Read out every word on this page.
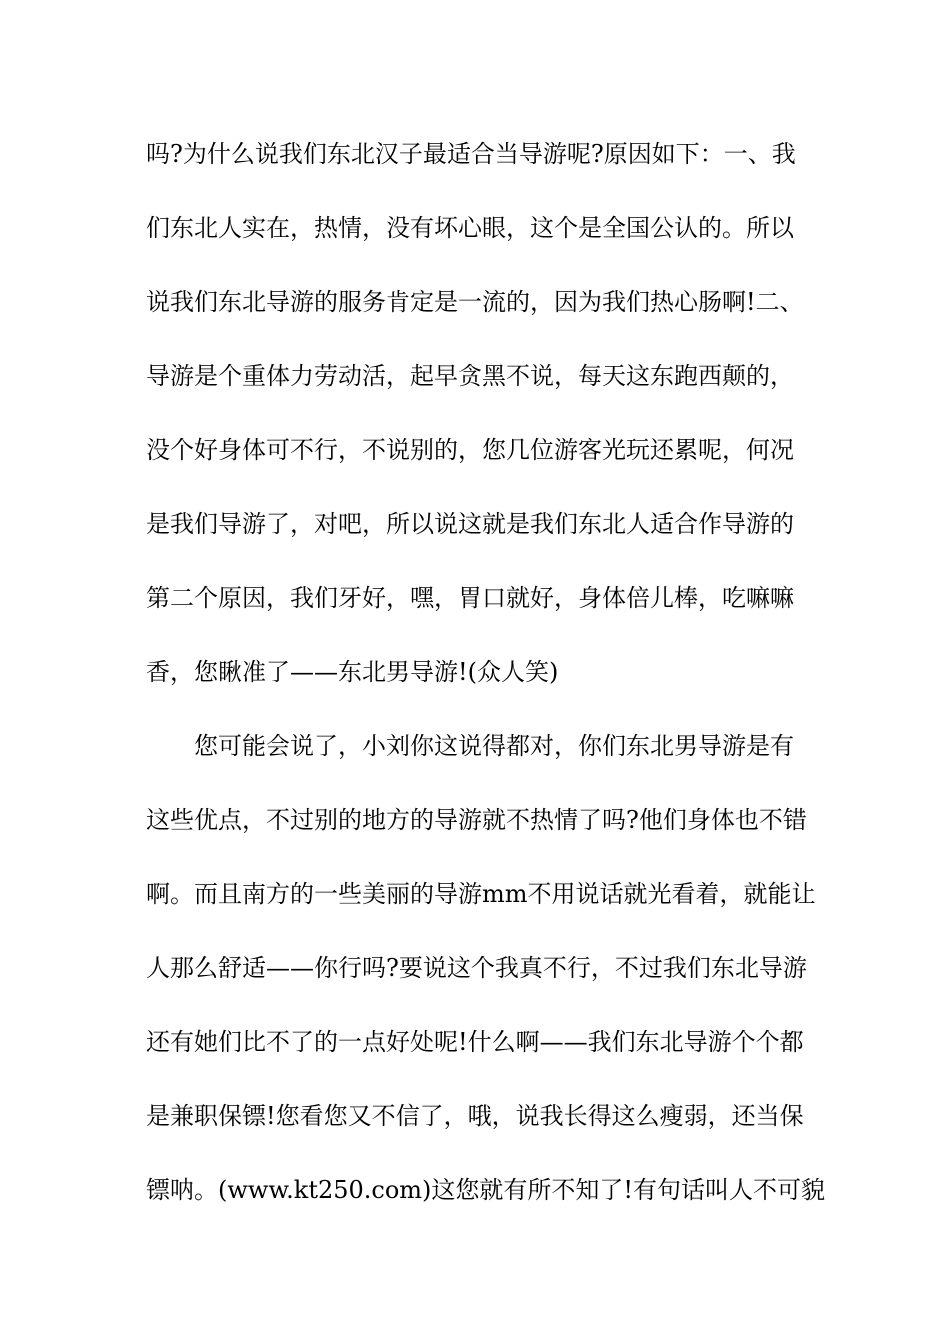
吗?为什么说我们东北汉子最适合当导游呢?原因如下：一、我
们东北人实在，热情，没有坏心眼，这个是全国公认的。所以
说我们东北导游的服务肯定是一流的，因为我们热心肠啊!二、
导游是个重体力劳动活，起早贪黑不说，每天这东跑西颠的，
没个好身体可不行，不说别的，您几位游客光玩还累呢，何况
是我们导游了，对吧，所以说这就是我们东北人适合作导游的
第二个原因，我们牙好，嘿，胃口就好，身体倍儿棒，吃嘛嘛
香，您瞅准了——东北男导游!(众人笑)
您可能会说了，小刘你这说得都对，你们东北男导游是有
这些优点，不过别的地方的导游就不热情了吗?他们身体也不错
啊。而且南方的一些美丽的导游mm不用说话就光看着，就能让
人那么舒适——你行吗?要说这个我真不行，不过我们东北导游
还有她们比不了的一点好处呢!什么啊——我们东北导游个个都
是兼职保镖!您看您又不信了，哦，说我长得这么瘦弱，还当保
镖呐。(www.kt250.com)这您就有所不知了!有句话叫人不可貌
